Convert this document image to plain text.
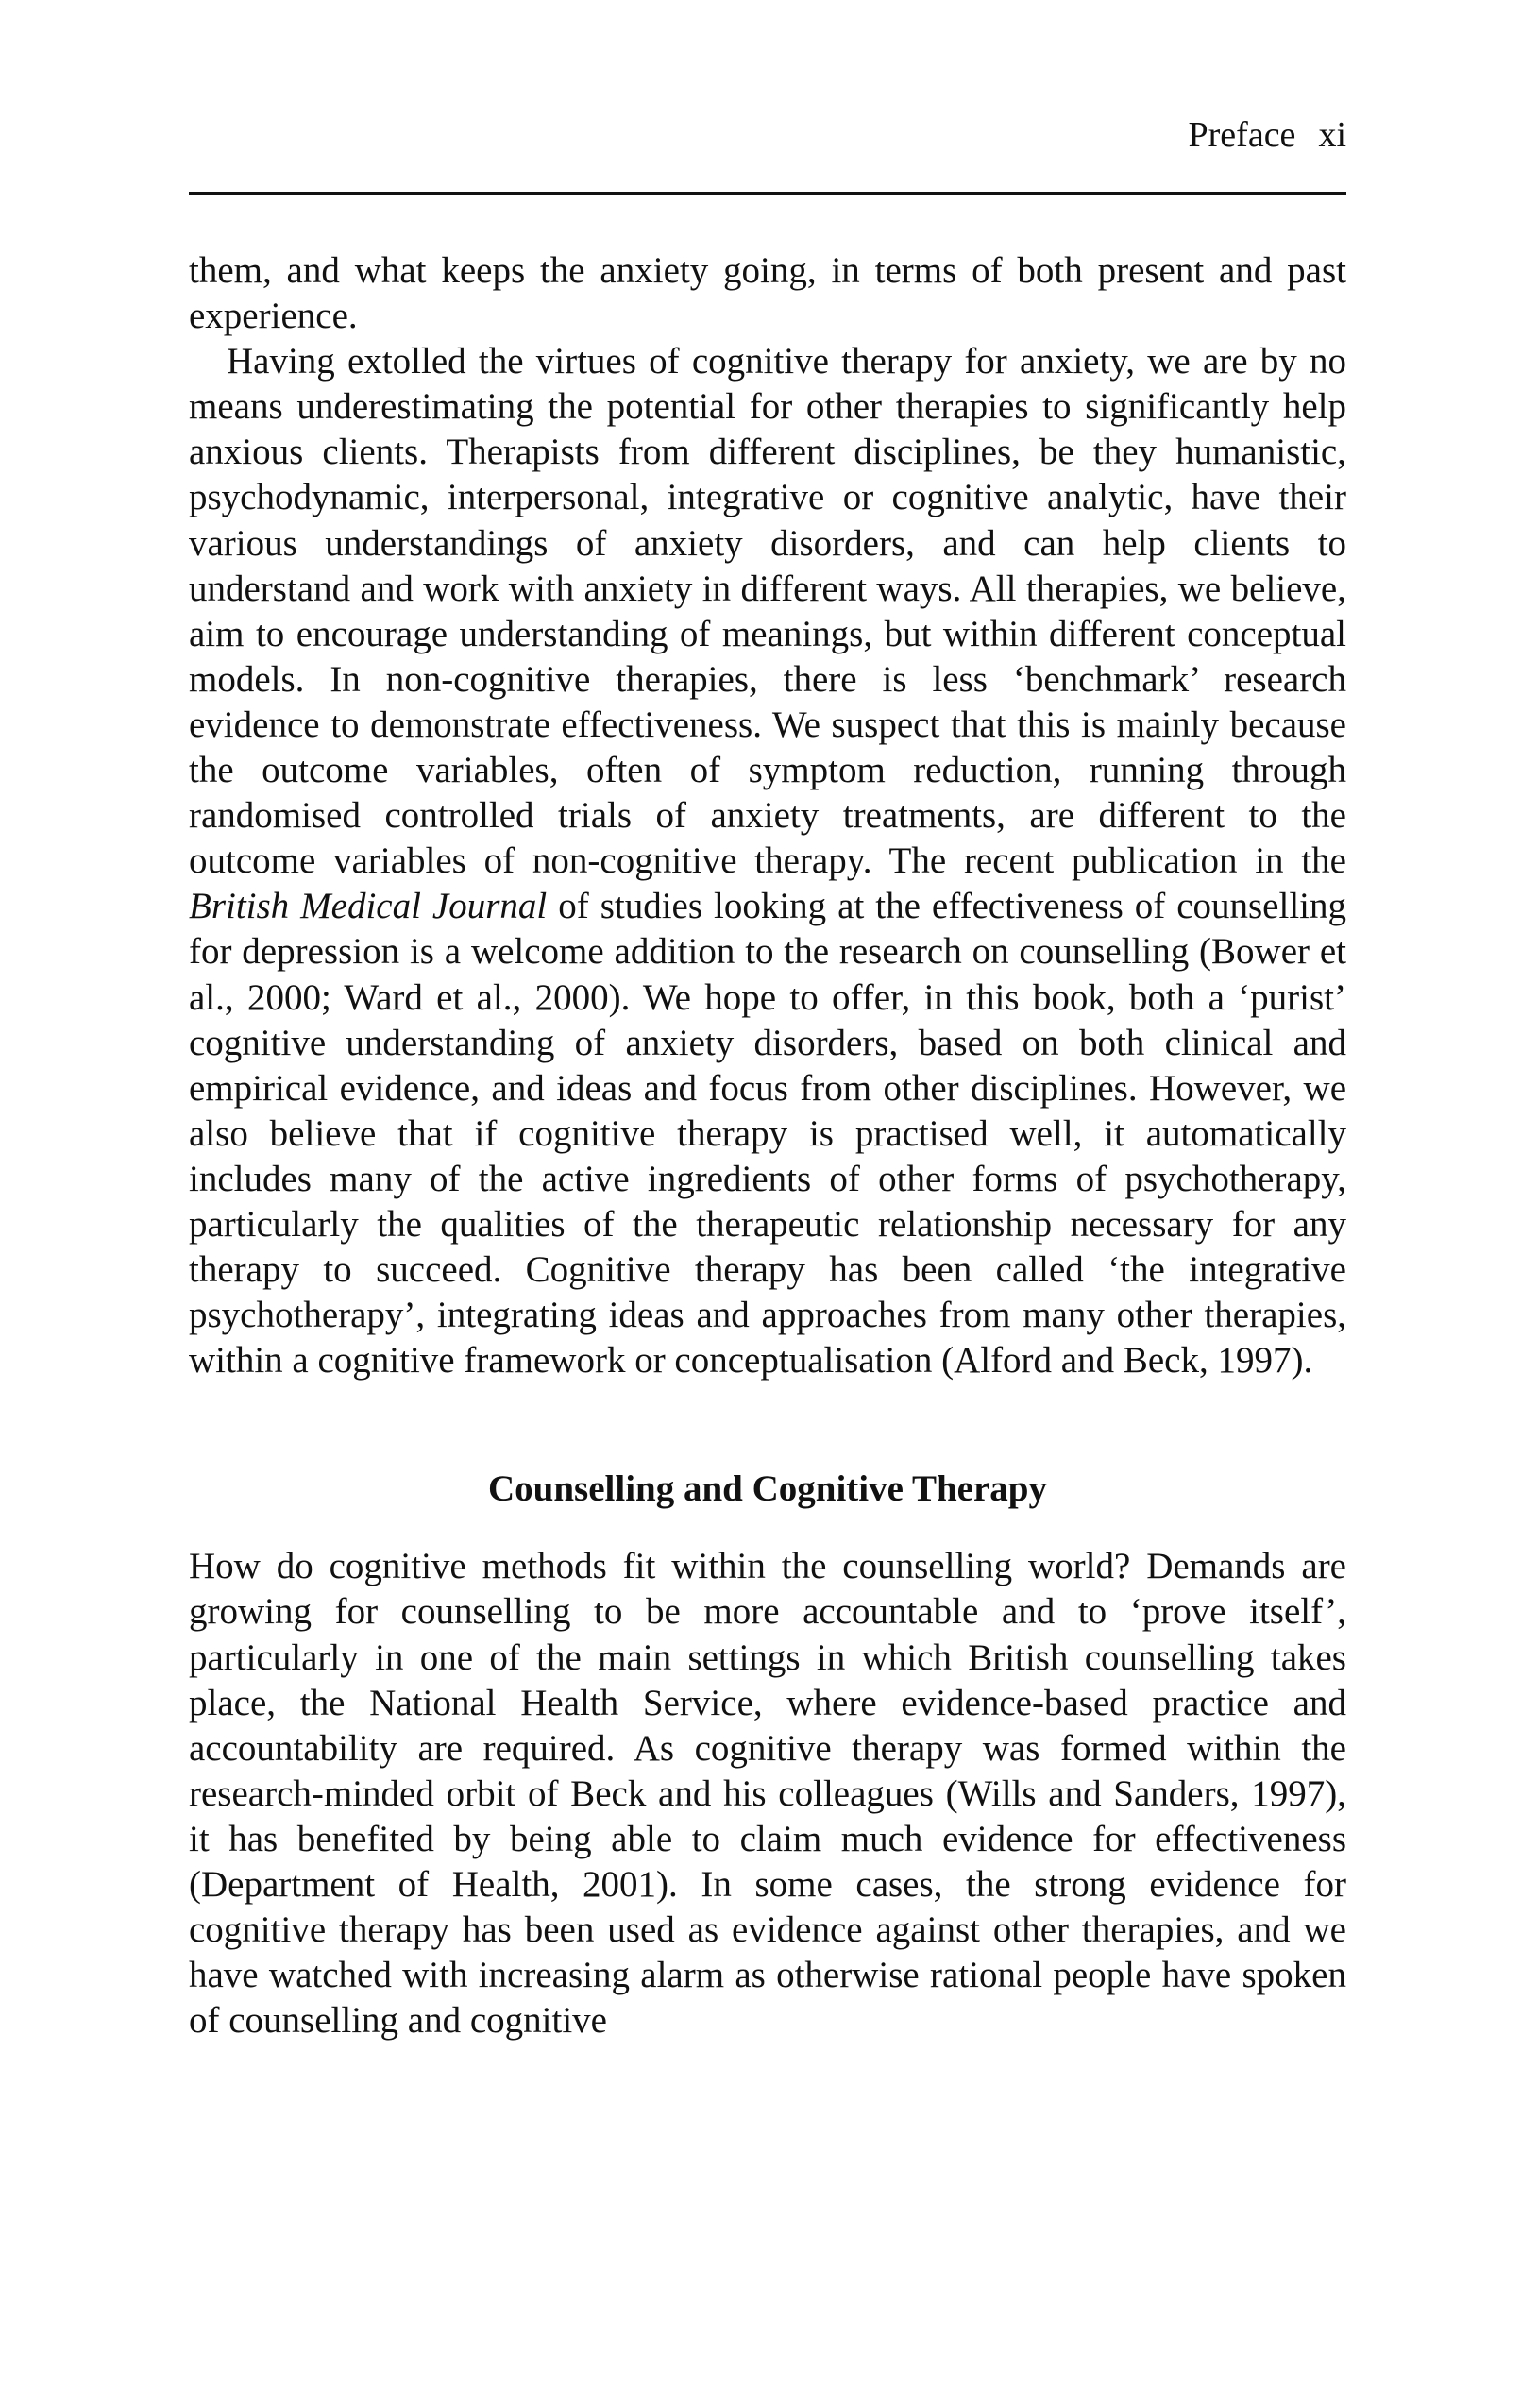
Preface xi

them, and what keeps the anxiety going, in terms of both present and past experience.

Having extolled the virtues of cognitive therapy for anxiety, we are by no means underestimating the potential for other therapies to significantly help anxious clients. Therapists from different disciplines, be they humanistic, psychodynamic, interpersonal, integrative or cognitive analytic, have their various understandings of anxiety disorders, and can help clients to understand and work with anxiety in different ways. All therapies, we believe, aim to encourage understanding of meanings, but within different conceptual models. In non-cognitive therapies, there is less ‘benchmark’ research evidence to demonstrate effectiveness. We suspect that this is mainly because the outcome variables, often of symptom reduction, running through randomised controlled trials of anxiety treatments, are different to the outcome variables of non-cognitive therapy. The recent publication in the British Medical Journal of studies looking at the effectiveness of counselling for depression is a welcome addition to the research on counselling (Bower et al., 2000; Ward et al., 2000). We hope to offer, in this book, both a ‘purist’ cognitive understanding of anxiety disorders, based on both clinical and empirical evidence, and ideas and focus from other disciplines. However, we also believe that if cognitive therapy is practised well, it automatically includes many of the active ingredients of other forms of psychotherapy, particularly the qualities of the therapeutic relationship necessary for any therapy to succeed. Cognitive therapy has been called ‘the integrative psychotherapy’, integrating ideas and approaches from many other therapies, within a cognitive framework or conceptualisation (Alford and Beck, 1997).

Counselling and Cognitive Therapy

How do cognitive methods fit within the counselling world? Demands are growing for counselling to be more accountable and to ‘prove itself’, particularly in one of the main settings in which British counselling takes place, the National Health Service, where evidence-based practice and accountability are required. As cognitive therapy was formed within the research-minded orbit of Beck and his colleagues (Wills and Sanders, 1997), it has benefited by being able to claim much evidence for effectiveness (Department of Health, 2001). In some cases, the strong evidence for cognitive therapy has been used as evidence against other therapies, and we have watched with increasing alarm as otherwise rational people have spoken of counselling and cognitive
